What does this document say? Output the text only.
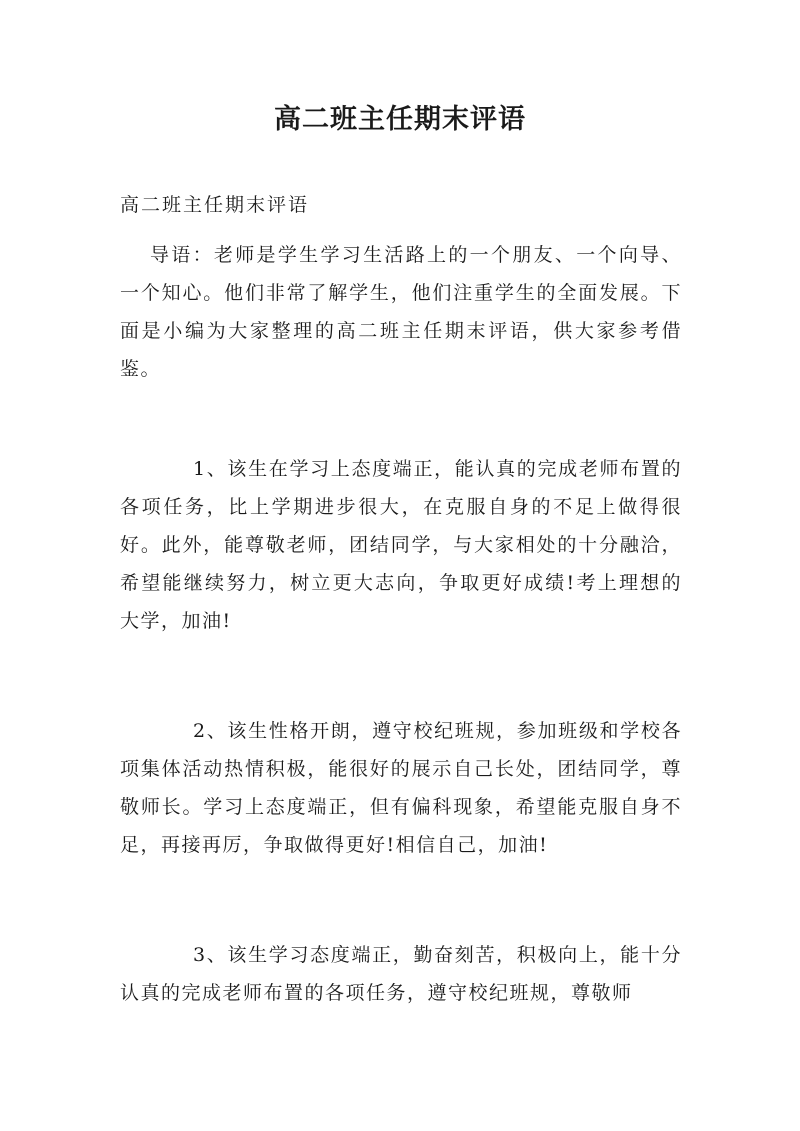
高二班主任期末评语
高二班主任期末评语

导语：老师是学生学习生活路上的一个朋友、一个向导、一个知心。他们非常了解学生，他们注重学生的全面发展。下面是小编为大家整理的高二班主任期末评语，供大家参考借鉴。

1、该生在学习上态度端正，能认真的完成老师布置的各项任务，比上学期进步很大，在克服自身的不足上做得很好。此外，能尊敬老师，团结同学，与大家相处的十分融洽，希望能继续努力，树立更大志向，争取更好成绩!考上理想的大学，加油!

2、该生性格开朗，遵守校纪班规，参加班级和学校各项集体活动热情积极，能很好的展示自己长处，团结同学，尊敬师长。学习上态度端正，但有偏科现象，希望能克服自身不足，再接再厉，争取做得更好!相信自己，加油!

3、该生学习态度端正，勤奋刻苦，积极向上，能十分认真的完成老师布置的各项任务，遵守校纪班规，尊敬师
